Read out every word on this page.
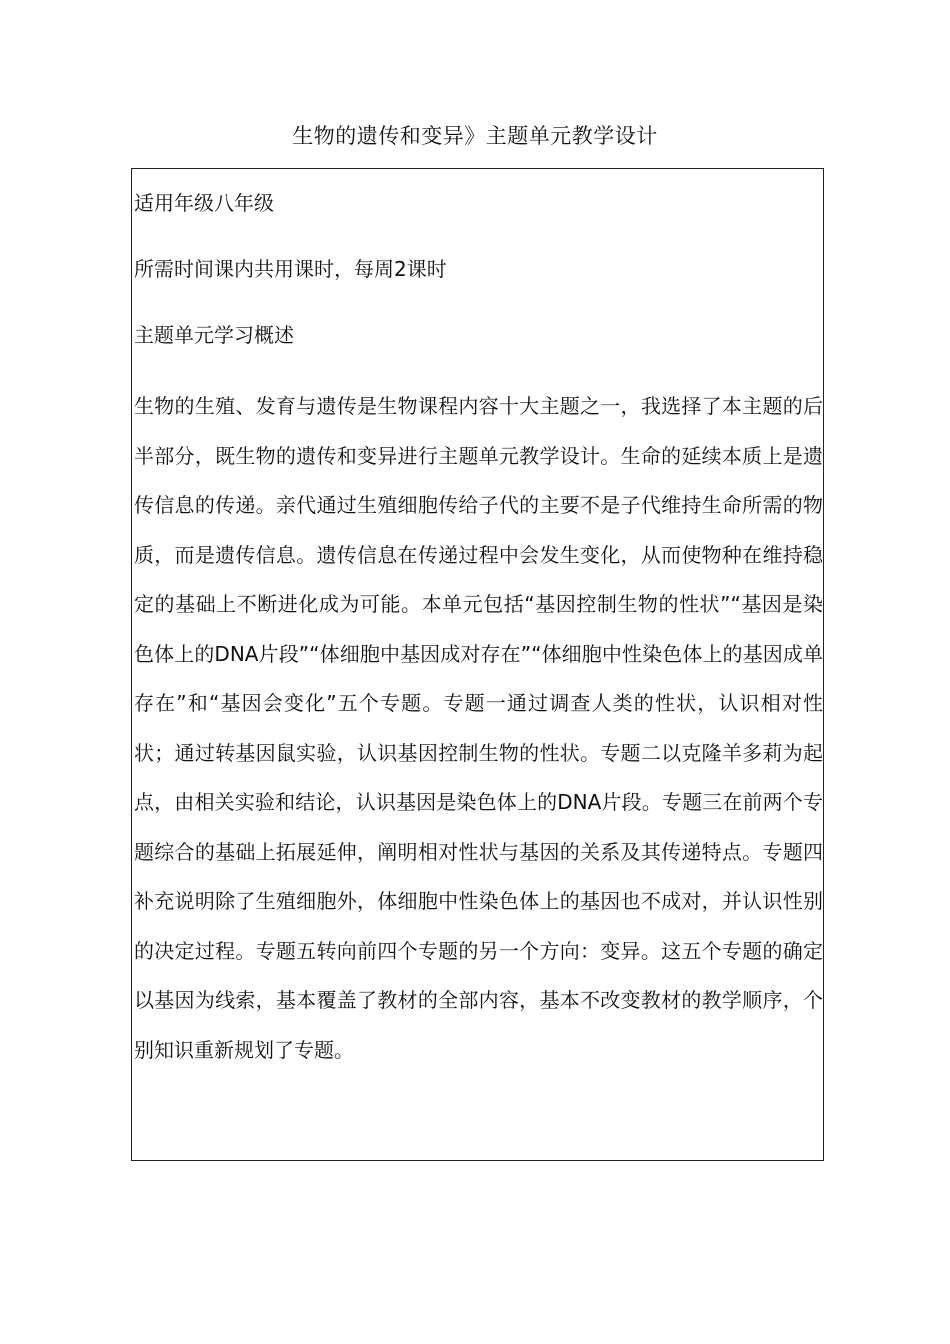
生物的遗传和变异》主题单元教学设计
适用年级八年级
所需时间课内共用课时，每周2课时
主题单元学习概述
生物的生殖、发育与遗传是生物课程内容十大主题之一，我选择了本主题的后半部分，既生物的遗传和变异进行主题单元教学设计。生命的延续本质上是遗传信息的传递。亲代通过生殖细胞传给子代的主要不是子代维持生命所需的物质，而是遗传信息。遗传信息在传递过程中会发生变化，从而使物种在维持稳定的基础上不断进化成为可能。本单元包括“基因控制生物的性状”“基因是染色体上的DNA片段”“体细胞中基因成对存在”“体细胞中性染色体上的基因成单存在”和“基因会变化”五个专题。专题一通过调查人类的性状，认识相对性状；通过转基因鼠实验，认识基因控制生物的性状。专题二以克隆羊多莉为起点，由相关实验和结论，认识基因是染色体上的DNA片段。专题三在前两个专题综合的基础上拓展延伸，阐明相对性状与基因的关系及其传递特点。专题四补充说明除了生殖细胞外，体细胞中性染色体上的基因也不成对，并认识性别的决定过程。专题五转向前四个专题的另一个方向：变异。这五个专题的确定以基因为线索，基本覆盖了教材的全部内容，基本不改变教材的教学顺序，个别知识重新规划了专题。
